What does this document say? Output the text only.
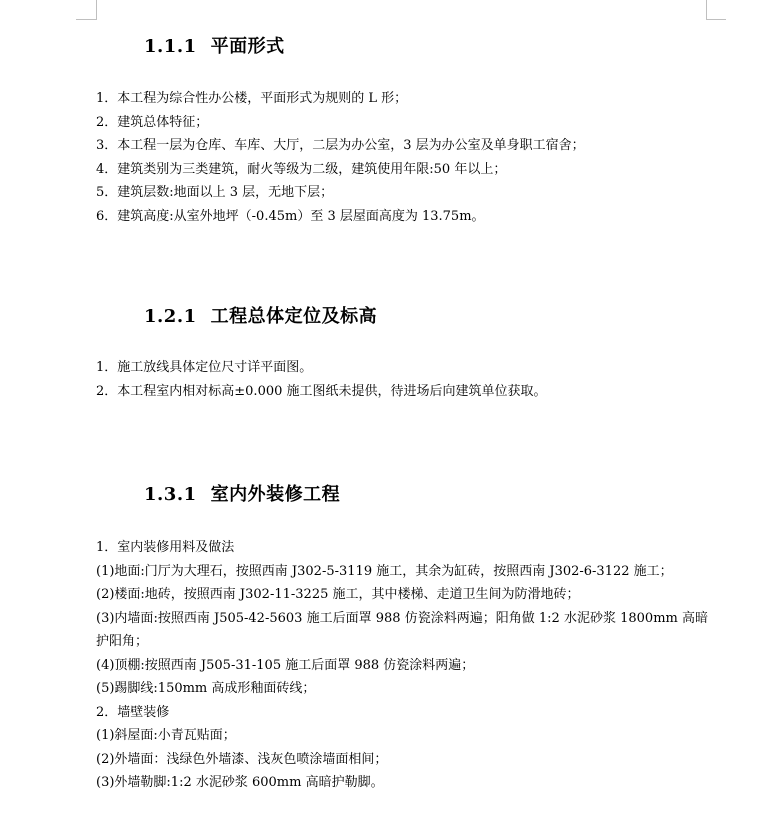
1.1.1 平面形式
1．本工程为综合性办公楼，平面形式为规则的 L 形；
2．建筑总体特征；
3．本工程一层为仓库、车库、大厅，二层为办公室，3 层为办公室及单身职工宿舍；
4．建筑类别为三类建筑，耐火等级为二级，建筑使用年限:50 年以上；
5．建筑层数:地面以上 3 层，无地下层；
6．建筑高度:从室外地坪（-0.45m）至 3 层屋面高度为 13.75m。
1.2.1 工程总体定位及标高
1．施工放线具体定位尺寸详平面图。
2．本工程室内相对标高±0.000 施工图纸未提供，待进场后向建筑单位获取。
1.3.1 室内外装修工程
1．室内装修用料及做法
(1)地面:门厅为大理石，按照西南 J302-5-3119 施工，其余为缸砖，按照西南 J302-6-3122 施工；
(2)楼面:地砖，按照西南 J302-11-3225 施工，其中楼梯、走道卫生间为防滑地砖；
(3)内墙面:按照西南 J505-42-5603 施工后面罩 988 仿瓷涂料两遍；阳角做 1:2 水泥砂浆 1800mm 高暗护阳角；
(4)顶棚:按照西南 J505-31-105 施工后面罩 988 仿瓷涂料两遍；
(5)踢脚线:150mm 高成形釉面砖线；
2．墙壁装修
(1)斜屋面:小青瓦贴面；
(2)外墙面：浅绿色外墙漆、浅灰色喷涂墙面相间；
(3)外墙勒脚:1:2 水泥砂浆 600mm 高暗护勒脚。
